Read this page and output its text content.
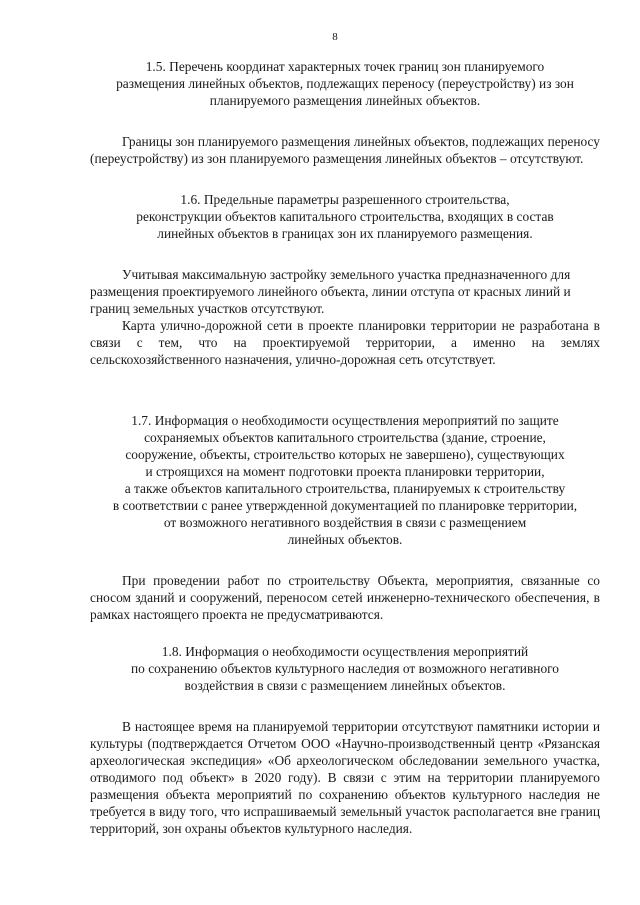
8
1.5. Перечень координат характерных точек границ зон планируемого
размещения линейных объектов, подлежащих переносу (переустройству) из зон
планируемого размещения линейных объектов.

Границы зон планируемого размещения линейных объектов, подлежащих переносу (переустройству) из зон планируемого размещения линейных объектов – отсутствуют.

1.6. Предельные параметры разрешенного строительства,
реконструкции объектов капитального строительства, входящих в состав
линейных объектов в границах зон их планируемого размещения.

Учитывая максимальную застройку земельного участка предназначенного для размещения проектируемого линейного объекта, линии отступа от красных линий и границ земельных участков отсутствуют.

Карта улично-дорожной сети в проекте планировки территории не разработана в связи с тем, что на проектируемой территории, а именно на землях сельскохозяйственного назначения, улично-дорожная сеть отсутствует.

1.7. Информация о необходимости осуществления мероприятий по защите
сохраняемых объектов капитального строительства (здание, строение,
сооружение, объекты, строительство которых не завершено), существующих
и строящихся на момент подготовки проекта планировки территории,
а также объектов капитального строительства, планируемых к строительству
в соответствии с ранее утвержденной документацией по планировке территории,
от возможного негативного воздействия в связи с размещением
линейных объектов.

При проведении работ по строительству Объекта, мероприятия, связанные со сносом зданий и сооружений, переносом сетей инженерно-технического обеспечения, в рамках настоящего проекта не предусматриваются.

1.8. Информация о необходимости осуществления мероприятий
по сохранению объектов культурного наследия от возможного негативного
воздействия в связи с размещением линейных объектов.

В настоящее время на планируемой территории отсутствуют памятники истории и культуры (подтверждается Отчетом ООО «Научно-производственный центр «Рязанская археологическая экспедиция» «Об археологическом обследовании земельного участка, отводимого под объект» в 2020 году). В связи с этим на территории планируемого размещения объекта мероприятий по сохранению объектов культурного наследия не требуется в виду того, что испрашиваемый земельный участок располагается вне границ территорий, зон охраны объектов культурного наследия.
